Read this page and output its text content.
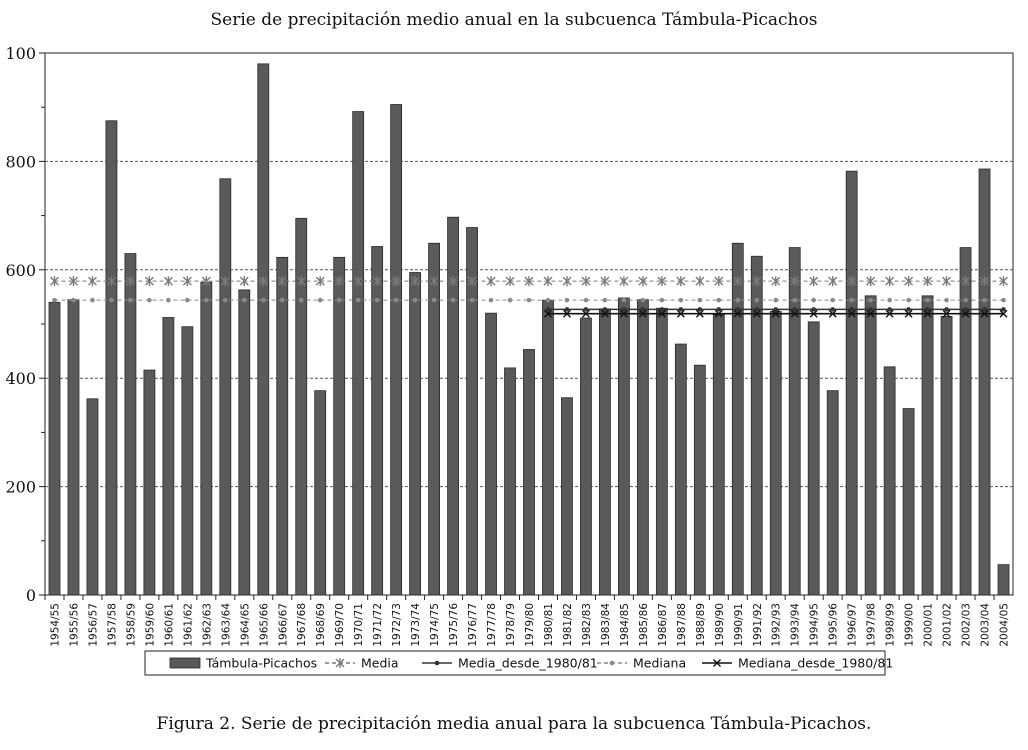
Serie de precipitación medio anual en la subcuenca Támbula-Picachos
0
200
400
600
800
100
1954/55 1955/56 1956/57 1957/58 1958/59 1959/60 1960/61 1961/62 1962/63 1963/64 1964/65 1965/66 1966/67 1967/68 1968/69 1969/70 1970/71 1971/72 1972/73 1973/74 1974/75 1975/76 1976/77 1977/78 1978/79 1979/80 1980/81 1981/82 1982/83 1983/84 1984/85 1985/86 1986/87 1987/88 1988/89 1989/90 1990/91 1991/92 1992/93 1993/94 1994/95 1995/96 1996/97 1997/98 1998/99 1999/00 2000/01 2001/02 2002/03 2003/04 2004/05
Támbula-Picachos	Media	Media_desde_1980/81	Mediana	Mediana_desde_1980/81
Figura 2. Serie de precipitación media anual para la subcuenca Támbula-Picachos.
